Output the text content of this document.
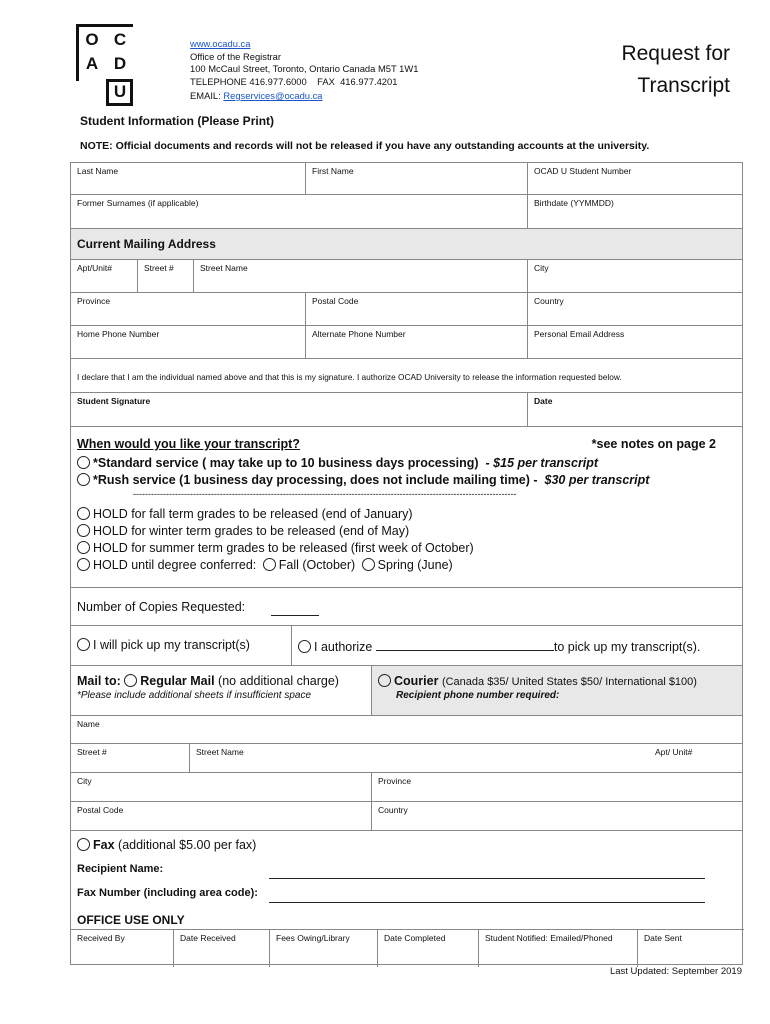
O C
A D
U
www.ocadu.ca
Office of the Registrar
100 McCaul Street, Toronto, Ontario Canada M5T 1W1
TELEPHONE 416.977.6000    FAX  416.977.4201
EMAIL: Regservices@ocadu.ca
Request for
Transcript
Student Information (Please Print)
NOTE: Official documents and records will not be released if you have any outstanding accounts at the university.
Last Name	First Name	OCAD U Student Number
Former Surnames (if applicable)	Birthdate (YYMMDD)
Current Mailing Address
Apt/Unit#	Street #	Street Name	City
Province	Postal Code	Country
Home Phone Number	Alternate Phone Number	Personal Email Address
I declare that I am the individual named above and that this is my signature. I authorize OCAD University to release the information requested below.
Student Signature	Date
When would you like your transcript?	*see notes on page 2
*Standard service ( may take up to 10 business days processing) - $15 per transcript
*Rush service (1 business day processing, does not include mailing time) - $30 per transcript
--------------------------------------------------------------------------------------------------------------------------------
HOLD for fall term grades to be released (end of January)
HOLD for winter term grades to be released (end of May)
HOLD for summer term grades to be released (first week of October)
HOLD until degree conferred: Fall (October) Spring (June)
Number of Copies Requested:
I will pick up my transcript(s)	I authorize	to pick up my transcript(s).
Mail to: Regular Mail (no additional charge)
*Please include additional sheets if insufficient space
Courier (Canada $35/ United States $50/ International $100)
Recipient phone number required:
Name
Street #	Street Name	Apt/ Unit#
City	Province
Postal Code	Country
Fax (additional $5.00 per fax)
Recipient Name:
Fax Number (including area code):
OFFICE USE ONLY
Received By	Date Received	Fees Owing/Library	Date Completed	Student Notified: Emailed/Phoned	Date Sent
Last Updated: September 2019
